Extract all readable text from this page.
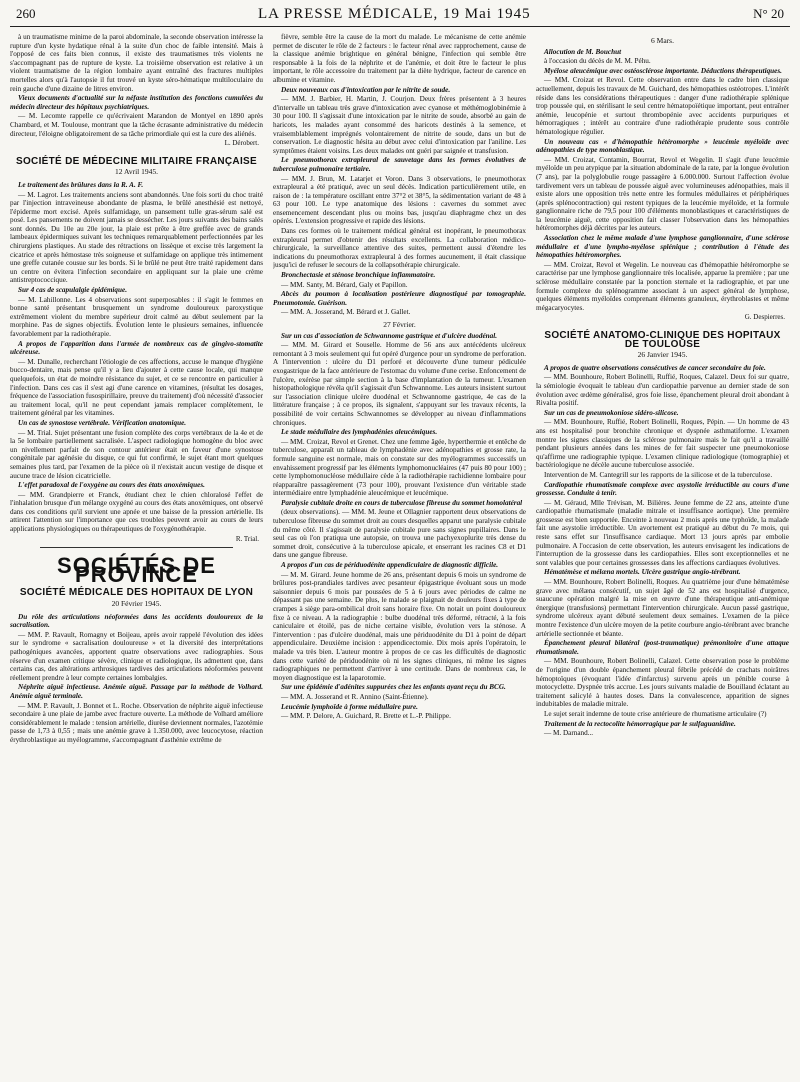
260	LA PRESSE MÉDICALE, 19 Mai 1945	N° 20

à un traumatisme minime de la paroi abdominale, la seconde observation intéresse la rupture d'un kyste hydatique rénal à la suite d'un choc de faible intensité. Mais à l'opposé de ces faits bien connus, il existe des traumatismes très violents ne s'accompagnant pas de rupture de kyste. La troisième observation est relative à un violent traumatisme de la région lombaire ayant entraîné des fractures multiples mortelles alors qu'à l'autopsie il fut trouvé un kyste séro-hématique multiloculaire du rein gauche d'une dizaine de litres environ.

Vieux documents d'actualité sur la néfaste institution des fonctions cumulées du médecin directeur des hôpitaux psychiatriques.

— M. Lecomte rappelle ce qu'écrivaient Marandon de Montyel en 1890 après Chambard, et M. Toulouse, montrant que la tâche écrasante administrative du médecin directeur, l'éloigne obligatoirement de sa tâche primordiale qui est la cure des aliénés.

L. Dérobert.
SOCIÉTÉ DE MÉDECINE MILITAIRE FRANÇAISE
12 Avril 1945.

Le traitement des brûlures dans la R. A. F.

— M. Lagrot. Les traitements anciens sont abandonnés. Une fois sorti du choc traité par l'injection intraveineuse abondante de plasma, le brûlé anesthésié est nettoyé, l'épiderme mort excisé. Après sulfamidage, un pansement tulle gras-sérum salé est posé. Les pansements ne doivent jamais se dessécher. Les jours suivants des bains salés sont donnés. Du 10e au 20e jour, la plaie est prête à être greffée avec de grands lambeaux épidermiques suivant les techniques remarquablement perfectionnées par les chirurgiens plastiques. Au stade des rétractions on lissèque et excise très largement la cicatrice et après hémostase très soigneuse et sulfamidage on applique très intimement une greffe cutanée cousue sur les bords. Si le brûlé ne peut être traité rapidement dans un centre on évitera l'infection secondaire en appliquant sur la plaie une crème antistreptococcique.

Sur 4 cas de scapulalgie épidémique.

— M. Lahillonne. Les 4 observations sont superposables : il s'agit le femmes en bonne santé présentant brusquement un syndrome douloureux paroxystique extrêmement violent du membre supérieur droit calmé au début seulement par la morphine. Pas de signes objectifs. Évolution lente le plusieurs semaines, influencée favorablement par la radiothérapie.

A propos de l'apparition dans l'armée de nombreux cas de gingivo-stomatite ulcéreuse.

— M. Dunalle, recherchant l'étiologie de ces affections, accuse le manque d'hygiène bucco-dentaire, mais pense qu'il y a lieu d'ajouter à cette cause locale, qui manque quelquefois, un état de moindre résistance du sujet, et ce se rencontre en particulier à l'infection. Dans ces cas il s'est agi d'une carence en vitamines, (résultat les dosages, fréquence de l'association fusospirillaire, preuve du traitement) d'où nécessité d'associer au traitement local, qu'il ne peut cependant jamais remplacer complètement, le traitement général par les vitamines.

Un cas de synostose vertébrale. Vérification anatomique.

— M. Trial. Sujet présentant une fusion complète des corps vertébraux de la 4e et de la 5e lombaire partiellement sacralisée. L'aspect radiologique homogène du bloc avec un nivellement parfait de son contour antérieur était en faveur d'une synostose congénitale par agénésie du disque, ce qui fut confirmé, le sujet étant mort quelques semaines plus tard, par l'examen de la pièce où il n'existait aucun vestige de disque et aucune trace de lésion cicatricielle.

L'effet paradoxal de l'oxygène au cours des états anoxémiques.

— MM. Grandpierre et Franck, étudiant chez le chien chloralosé l'effet de l'inhalation brusque d'un mélange oxygéné au cours des états anoxémiques, ont observé dans ces conditions qu'il survient une apnée et une baisse de la pression artérielle. Ils attirent l'attention sur l'importance que ces troubles peuvent avoir au cours de leurs applications physiologiques ou thérapeutiques de l'oxygénothérapie.

R. Trial.
SOCIÉTÉS DE PROVINCE
SOCIÉTÉ MÉDICALE DES HOPITAUX DE LYON
20 Février 1945.

Du rôle des articulations néoformées dans les accidents douloureux de la sacralisation.

— MM. P. Ravault, Romagny et Boijeau, après avoir rappelé l'évolution des idées sur le syndrome « sacralisation douloureuse » et la diversité des interprétations pathogéniques avancées, apportent quatre observations avec radiographies. Sous réserve d'un examen critique sévère, clinique et radiologique, ils admettent que, dans certains cas, des altérations arthrosiques tardives des articulations néoformées peuvent réellement prendre à leur compte certaines lombalgies.

Néphrite aiguë infectieuse. Anémie aiguë. Passage par la méthode de Volhard. Anémie aiguë terminale.

— MM. P. Ravault, J. Bonnet et L. Roche. Observation de néphrite aiguë infectieuse secondaire à une plaie de jambe avec fracture ouverte. La méthode de Volhard améliore considérablement le malade : tension artérielle, diurèse deviennent normales, l'azotémie passe de 1,73 à 0,55 ; mais une anémie grave à 1.350.000, avec leucocytose, réaction érythroblastique au myélogramme, s'accompagnant d'asthénie extrême de

fièvre, semble être la cause de la mort du malade. Le mécanisme de cette anémie permet de discuter le rôle de 2 facteurs : le facteur rénal avec rapprochement, cause de la classique anémie brightique en général bénigne, l'infection qui semble être responsable à la fois de la néphrite et de l'anémie, et doit être le facteur le plus important, le rôle accessoire du traitement par la diète hydrique, facteur de carence en albumine et vitamine.

Deux nouveaux cas d'intoxication par le nitrite de soude.

— MM. J. Barbier, H. Martin, J. Courjon. Deux frères présentent à 3 heures d'intervalle un tableau très grave d'intoxication avec cyanose et méthémoglobinémie à 30 pour 100. Il s'agissait d'une intoxication par le nitrite de soude, absorbé au gain de haricots, les malades ayant consommé des haricots destinés à la semence, et vraisemblablement imprégnés volontairement de nitrite de soude, dans un but de conservation. Le diagnostic hésita au début avec celui d'intoxication par l'aniline. Les symptômes étaient voisins. Les deux malades ont guéri par saignée et transfusion.

Le pneumothorax extrapleural de sauvetage dans les formes évolutives de tuberculose pulmonaire tertiaire.

— MM. J. Brun, M. Latarjet et Voron. Dans 3 observations, le pneumothorax extrapleural a été pratiqué, avec un seul décès. Indication particulièrement utile, en raison de : la température oscillant entre 37°2 et 38°5, la sédimentation variant de 48 à 63 pour 100. Le type anatomique des lésions : cavernes du sommet avec ensemencement descendant plus ou moins bas, jusqu'au diaphragme chez un des opérés. L'extension progressive et rapide des lésions.

Dans ces formes où le traitement médical général est inopérant, le pneumothorax extrapleural permet d'obtenir des résultats excellents. La collaboration médico-chirurgicale, la surveillance attentive des suites, permettent aussi d'étendre les indications du pneumothorax extrapleural à des formes aucunement, il était classique jusqu'ici de refuser le secours de la collapsothérapie chirurgicale.

Bronchectasie et sténose bronchique inflammatoire.

— MM. Santy, M. Bérard, Galy et Papillon.

Abcès du poumon à localisation postérieure diagnostiqué par tomographie. Pneumotomie. Guérison.

— MM. A. Josserand, M. Bérard et J. Gallet.

27 Février.

Sur un cas d'association de Schwannome gastrique et d'ulcère duodénal.

— MM. M. Girard et Souselle. Homme de 56 ans aux antécédents ulcéreux remontant à 3 mois seulement qui fut opéré d'urgence pour un syndrome de perforation. A l'intervention : ulcère du D1 perforé et découverte d'une tumeur pédiculée exogastrique de la face antérieure de l'estomac du volume d'une cerise. Enfoncement de l'ulcère, exérèse par simple section à la base d'implantation de la tumeur. L'examen histopathologique révéla qu'il s'agissait d'un Schwannome. Les auteurs insistent surtout sur l'association clinique ulcère duodénal et Schwannome gastrique, 4e cas de la littérature française ; à ce propos, ils signalent, s'appuyant sur les travaux récents, la possibilité de voir certains Schwannomes se développer au niveau d'inflammations chroniques.

Le stade médullaire des lymphadénies aleucémiques.

— MM. Croizat, Revol et Grenet. Chez une femme âgée, hyperthermie et entêche de tuberculose, apparaît un tableau de lymphadénie avec adénopathies et grosse rate, la formule sanguine est normale, mais on constate sur des myélogrammes successifs un envahissement progressif par les éléments lymphomonucléaires (47 puis 80 pour 100) ; cette lymphomonucléose médullaire cède à la radiothérapie rachidienne lombaire pour réapparaître passagèrement (73 pour 100), prouvant l'existence d'un véritable stade intermédiaire entre lymphadénie aleucémique et leucémique.

Paralysie cubitale droite en cours de tuberculose fibreuse du sommet homolatéral

(deux observations). — MM. M. Jeune et Ollagnier rapportent deux observations de tuberculose fibreuse du sommet droit au cours desquelles apparut une paralysie cubitale du même côté. Il s'agissait de paralysie cubitale pure sans signes pupillaires. Dans le seul cas où l'on pratiqua une autopsie, on trouva une pachyexoplurite très dense du sommet droit, consécutive à la tuberculose apicale, et enserrant les racines C8 et D1 dans une gangue fibreuse.

A propos d'un cas de périduodénite appendiculaire de diagnostic difficile.

— M. M. Girard. Jeune homme de 26 ans, présentant depuis 6 mois un syndrome de brûlures post-prandiales tardives avec pesanteur épigastrique évoluant sous un mode saisonnier depuis 6 mois par poussées de 5 à 6 jours avec périodes de calme ne dépassant pas une semaine. De plus, le malade se plaignait de douleurs fixes à type de crampes à siège para-ombilical droit sans horaire fixe. On notait un point douloureux fixe à ce niveau. A la radiographie : bulbe duodénal très déformé, rétracté, à la fois caniculaire et étoilé, pas de niche certaine visible, évolution vers la sténose. A l'intervention : pas d'ulcère duodénal, mais une périduodénite du D1 à point de départ appendiculaire. Deuxième incision : appendicectomie. Dix mois après l'opératoin, le malade va très bien. L'auteur montre à propos de ce cas les difficultés de diagnostic dans cette variété de périduodénite où ni les signes cliniques, ni même les signes radiographiques ne permettent d'arriver à une certitude. Dans de nombreux cas, le moyen diagnostique est la laparotomie.

Sur une épidémie d'adénites suppurées chez les enfants ayant reçu du BCG.

— MM. A. Josserand et R. Annino (Saint-Étienne).

Leucémie lymphoïde à forme médullaire pure.

— MM. P. Delore, A. Guichard, R. Brette et L.-P. Philippe.

6 Mars.

Allocution de M. Bouchut

à l'occasion du décès de M. M. Péhu.

Myélose aleucémique avec ostéosclérose importante. Déductions thérapeutiques.

— MM. Croizat et Revol. Cette observation entre dans le cadre bien classique actuellement, depuis les travaux de M. Guichard, des hémopathies ostéotropes. L'intérêt réside dans les considérations thérapeutiques : danger d'une radiothérapie splénique trop poussée qui, en stérilisant le seul centre hématopoïétique important, peut entraîner anémie, leucopénie et surtout thrombopénie avec accidents purpuriques et hémorragiques ; intérêt au contraire d'une radiothérapie prudente sous contrôle hématologique régulier.

Un nouveau cas « d'hémopathie hétéromorphe » leucémie myéloïde avec adénopathies de type monoblastique.

— MM. Croizat, Contamin, Bourrat, Revol et Wegelin. Il s'agit d'une leucémie myéloïde un peu atypique par la situation abdominale de la rate, par la longue évolution (7 ans), par la polyglobulie rouge passagère à 6.000.000. Surtout l'affection évolue tardivement vers un tableau de poussée aiguë avec volumineuses adénopathies, mais il existe alors une opposition très nette entre les formules médullaires et périphériques (après splénocontraction) qui restent typiques de la leucémie myéloïde, et la formule ganglionnaire riche de 79,5 pour 100 d'éléments monoblastiques et caractéristiques de la leucémie aiguë, cette opposition fait classer l'observation dans les hémopathies hétéromorphes déjà décrites par les auteurs.

Association chez le même malade d'une lymphose ganglionnaire, d'une sclérose médullaire et d'une lympho-myélose splénique ; contribution à l'étude des hémopathies hétéromorphes.

— MM. Croizat, Revol et Wegelin. Le nouveau cas d'hémopathie hétéromorphe se caractérise par une lymphose ganglionnaire très localisée, apparue la première ; par une sclérose médullaire constatée par la ponction sternale et la radiographie, et par une formule complexe du splénogramme associant à un aspect général de lymphose, quelques éléments myéloïdes comprenant éléments granuleux, érythroblastes et même mégacaryocytes.

G. Despierres.
SOCIÉTÉ ANATOMO-CLINIQUE DES HOPITAUX DE TOULOUSE
26 Janvier 1945.

A propos de quatre observations consécutives de cancer secondaire du foie.

— MM. Bounhoure, Robert Bolinelli, Ruffié, Roques, Calazel. Deux foi sur quatre, la sémiologie évoquait le tableau d'un cardiopathie parvenue au dernier stade de son évolution avec œdème généralisé, gros foie lisse, épanchement pleural droit abondant à Rivalta positif.

Sur un cas de pneumokoniose sidéro-silicose.

— MM. Bounhoure, Ruffié, Robert Bolinelli, Roques, Pépin. — Un homme de 43 ans est hospitalisé pour bronchite chronique et dyspnée asthmatiforme. L'examen montre les signes classiques de la sclérose pulmonaire mais le fait qu'il a travaillé pendant plusieurs années dans les mines de fer fait suspecter une pneumokoniose qu'affirme une radiographie typique. L'examen clinique radiologique (tomographie) et bactériologique ne décèle aucune tuberculose associée.

Intervention de M. Cantegrill sur les rapports de la silicose et de la tuberculose.

Cardiopathie rhumatismale complexe avec asystolie irréductible au cours d'une grossesse. Conduite à tenir.

— M. Géraud, Mlle Trévisan, M. Bilières. Jeune femme de 22 ans, atteinte d'une cardiopathie rhumatismale (maladie mitrale et insuffisance aortique). Une première grossesse est bien supportée. Enceinte à nouveau 2 mois après une typhoïde, la malade fait une asystolie irréductible. Un avortement est pratiqué au début du 7e mois, qui reste sans effet sur l'insuffisance cardiaque. Mort 13 jours après par embolie pulmonaire. A l'occasion de cette observation, les auteurs envisagent les indications de l'interruption de la grossesse dans les cardiopathies. Elles sont exceptionnelles et ne sont valables que pour certaines grossesses dans les affections cardiaques évolutives.

Hématémèse et mélæna mortels. Ulcère gastrique angio-térébrant.

— MM. Bounhoure, Robert Bolinelli, Roques. Au quatrième jour d'une hématémèse grave avec mélæna consécutif, un sujet âgé de 52 ans est hospitalisé d'urgence, suaucune opération malgré la mise en œuvre d'une thérapeutique anti-anémique énergique (transfusions) permettant l'intervention chirurgicale. Aucun passé gastrique, syndrome ulcéreux ayant débuté seulement deux semaines. L'examen de la pièce montre l'existence d'un ulcère moyen de la petite courbure angio-térébrant avec branche artérielle sectionnée et béante.

Épanchement pleural bilatéral (post-traumatique) prémonitoire d'une attaque rhumatismale.

— MM. Bounhoure, Robert Bolinelli, Calazel. Cette observation pose le problème de l'origine d'un double épanchement pleural fébrile précédé de crachats noirâtres hémoptoïques (évoquant l'idée d'infarctus) survenu après un pénible course à motocyclette. Dyspnée très accrue. Les jours suivants maladie de Bouillaud éclatant au traitement salicylé à hautes doses. Dans la convalescence, apparition de signes indubitables de maladie mitrale.

Le sujet serait indemne de toute crise antérieure de rhumatisme articulaire (?)

Traitement de la rectocolite hémorragique par le sulfaguanidine.

— M. Darnand...
